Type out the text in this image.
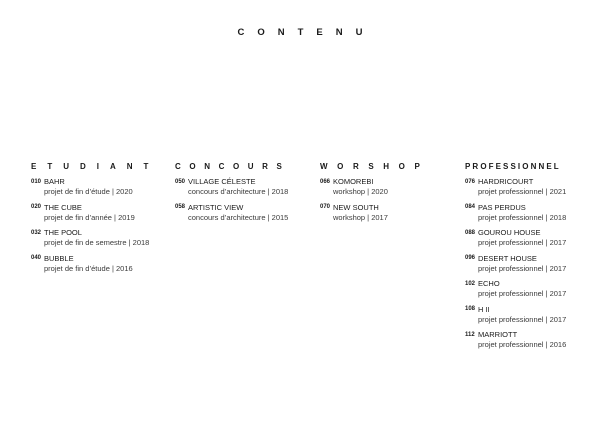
CONTENU
ETUDIANT
010 BAHR
projet de fin d’étude | 2020
020 THE CUBE
projet de fin d’année | 2019
032 THE POOL
projet de fin de semestre | 2018
040 BUBBLE
projet de fin d’étude | 2016
CONCOURS
050 VILLAGE CÉLESTE
concours d’architecture | 2018
058 ARTISTIC VIEW
concours d’architecture | 2015
WORSHOP
066 KOMOREBI
workshop | 2020
070 NEW SOUTH
workshop | 2017
PROFESSIONNEL
076 HARDRICOURT
projet professionnel | 2021
084 PAS PERDUS
projet professionnel | 2018
088 GOUROU HOUSE
projet professionnel | 2017
096 DESERT HOUSE
projet professionnel | 2017
102 ECHO
projet professionnel | 2017
108 H II
projet professionnel | 2017
112 MARRIOTT
projet professionnel | 2016
